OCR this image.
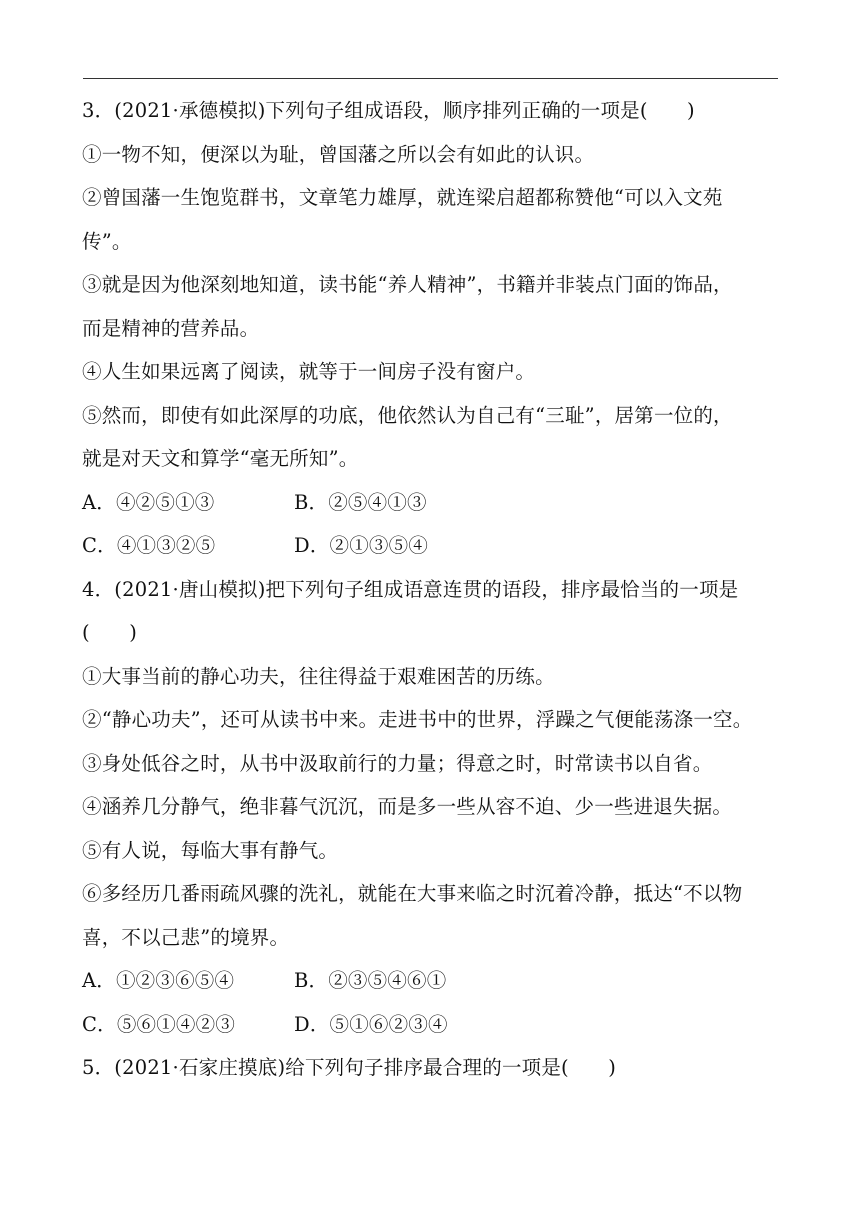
3．(2021·承德模拟)下列句子组成语段，顺序排列正确的一项是(　　)
①一物不知，便深以为耻，曾国藩之所以会有如此的认识。
②曾国藩一生饱览群书，文章笔力雄厚，就连梁启超都称赞他“可以入文苑
传”。
③就是因为他深刻地知道，读书能“养人精神”，书籍并非装点门面的饰品，
而是精神的营养品。
④人生如果远离了阅读，就等于一间房子没有窗户。
⑤然而，即使有如此深厚的功底，他依然认为自己有“三耻”，居第一位的，
就是对天文和算学“毫无所知”。
A．④②⑤①③	B．②⑤④①③
C．④①③②⑤	D．②①③⑤④
4．(2021·唐山模拟)把下列句子组成语意连贯的语段，排序最恰当的一项是
(　　)
①大事当前的静心功夫，往往得益于艰难困苦的历练。
②“静心功夫”，还可从读书中来。走进书中的世界，浮躁之气便能荡涤一空。
③身处低谷之时，从书中汲取前行的力量；得意之时，时常读书以自省。
④涵养几分静气，绝非暮气沉沉，而是多一些从容不迫、少一些进退失据。
⑤有人说，每临大事有静气。
⑥多经历几番雨疏风骤的洗礼，就能在大事来临之时沉着冷静，抵达“不以物
喜，不以己悲”的境界。
A．①②③⑥⑤④	B．②③⑤④⑥①
C．⑤⑥①④②③	D．⑤①⑥②③④
5．(2021·石家庄摸底)给下列句子排序最合理的一项是(　　)
